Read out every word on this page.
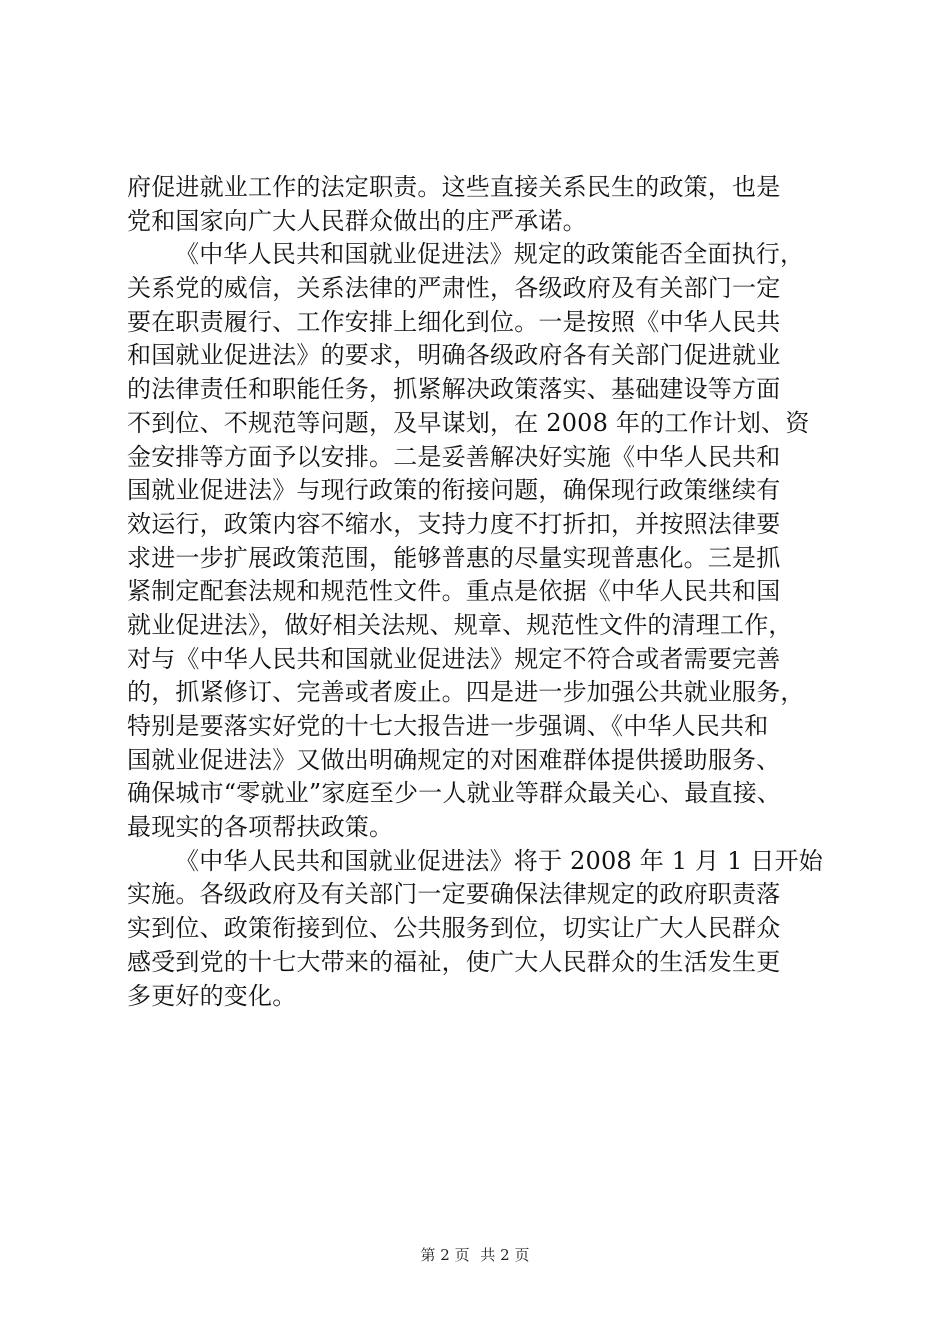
府促进就业工作的法定职责。这些直接关系民生的政策，也是
党和国家向广大人民群众做出的庄严承诺。
《中华人民共和国就业促进法》规定的政策能否全面执行，
关系党的威信，关系法律的严肃性，各级政府及有关部门一定
要在职责履行、工作安排上细化到位。一是按照《中华人民共
和国就业促进法》的要求，明确各级政府各有关部门促进就业
的法律责任和职能任务，抓紧解决政策落实、基础建设等方面
不到位、不规范等问题，及早谋划，在 2008 年的工作计划、资
金安排等方面予以安排。二是妥善解决好实施《中华人民共和
国就业促进法》与现行政策的衔接问题，确保现行政策继续有
效运行，政策内容不缩水，支持力度不打折扣，并按照法律要
求进一步扩展政策范围，能够普惠的尽量实现普惠化。三是抓
紧制定配套法规和规范性文件。重点是依据《中华人民共和国
就业促进法》，做好相关法规、规章、规范性文件的清理工作，
对与《中华人民共和国就业促进法》规定不符合或者需要完善
的，抓紧修订、完善或者废止。四是进一步加强公共就业服务，
特别是要落实好党的十七大报告进一步强调、《中华人民共和
国就业促进法》又做出明确规定的对困难群体提供援助服务、
确保城市“零就业”家庭至少一人就业等群众最关心、最直接、
最现实的各项帮扶政策。
《中华人民共和国就业促进法》将于 2008 年 1 月 1 日开始
实施。各级政府及有关部门一定要确保法律规定的政府职责落
实到位、政策衔接到位、公共服务到位，切实让广大人民群众
感受到党的十七大带来的福祉，使广大人民群众的生活发生更
多更好的变化。
第 2 页 共 2 页
